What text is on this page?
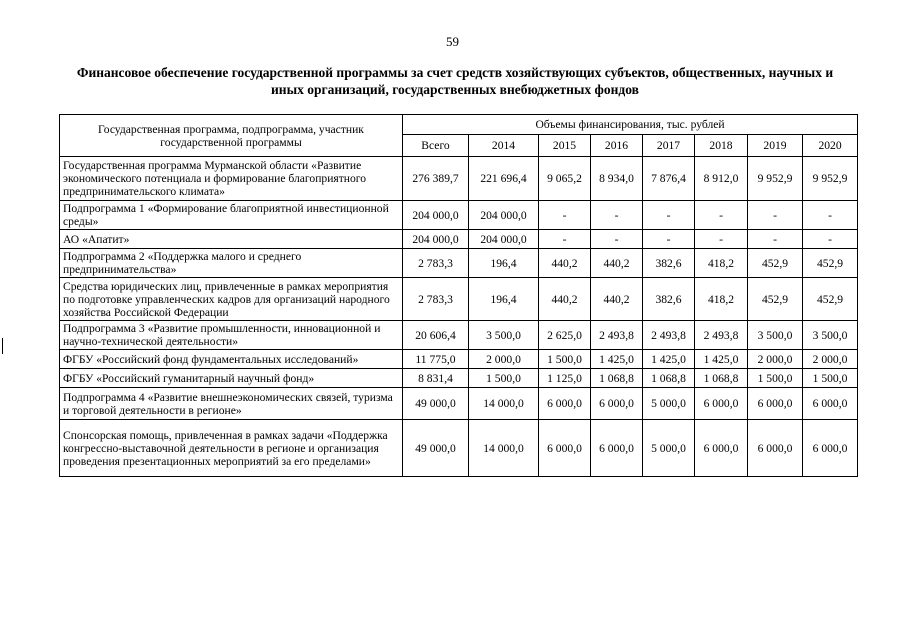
59
Финансовое обеспечение государственной программы за счет средств хозяйствующих субъектов, общественных, научных и иных организаций, государственных внебюджетных фондов
Государственная программа, подпрограмма, участник государственной программы	Объемы финансирования, тыс. рублей							
	Всего	2014	2015	2016	2017	2018	2019	2020
Государственная программа Мурманской области «Развитие экономического потенциала и формирование благоприятного предпринимательского климата»	276 389,7	221 696,4	9 065,2	8 934,0	7 876,4	8 912,0	9 952,9	9 952,9
Подпрограмма 1 «Формирование благоприятной инвестиционной среды»	204 000,0	204 000,0	-	-	-	-	-	-
АО «Апатит»	204 000,0	204 000,0	-	-	-	-	-	-
Подпрограмма 2 «Поддержка малого и среднего предпринимательства»	2 783,3	196,4	440,2	440,2	382,6	418,2	452,9	452,9
Средства юридических лиц, привлеченные в рамках мероприятия по подготовке управленческих кадров для организаций народного хозяйства Российской Федерации	2 783,3	196,4	440,2	440,2	382,6	418,2	452,9	452,9
Подпрограмма 3 «Развитие промышленности, инновационной и научно-технической деятельности»	20 606,4	3 500,0	2 625,0	2 493,8	2 493,8	2 493,8	3 500,0	3 500,0
ФГБУ «Российский фонд фундаментальных исследований»	11 775,0	2 000,0	1 500,0	1 425,0	1 425,0	1 425,0	2 000,0	2 000,0
ФГБУ «Российский гуманитарный научный фонд»	8 831,4	1 500,0	1 125,0	1 068,8	1 068,8	1 068,8	1 500,0	1 500,0
Подпрограмма 4 «Развитие внешнеэкономических связей, туризма и торговой деятельности в регионе»	49 000,0	14 000,0	6 000,0	6 000,0	5 000,0	6 000,0	6 000,0	6 000,0
Спонсорская помощь, привлеченная в рамках задачи «Поддержка конгрессно-выставочной деятельности в регионе и организация проведения презентационных мероприятий за его пределами»	49 000,0	14 000,0	6 000,0	6 000,0	5 000,0	6 000,0	6 000,0	6 000,0
